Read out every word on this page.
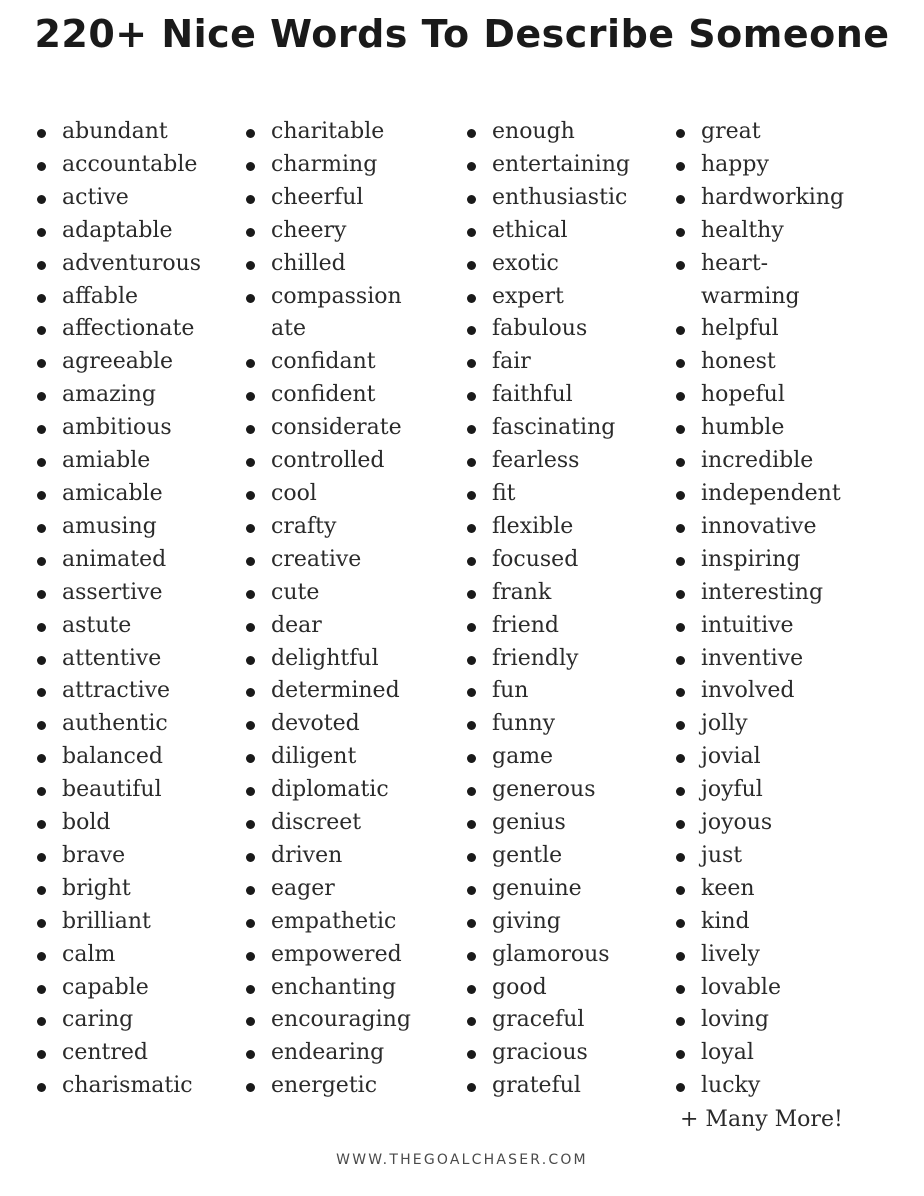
220+ Nice Words To Describe Someone
abundant
accountable
active
adaptable
adventurous
affable
affectionate
agreeable
amazing
ambitious
amiable
amicable
amusing
animated
assertive
astute
attentive
attractive
authentic
balanced
beautiful
bold
brave
bright
brilliant
calm
capable
caring
centred
charismatic
charitable
charming
cheerful
cheery
chilled
compassion
ate
confidant
confident
considerate
controlled
cool
crafty
creative
cute
dear
delightful
determined
devoted
diligent
diplomatic
discreet
driven
eager
empathetic
empowered
enchanting
encouraging
endearing
energetic
enough
entertaining
enthusiastic
ethical
exotic
expert
fabulous
fair
faithful
fascinating
fearless
fit
flexible
focused
frank
friend
friendly
fun
funny
game
generous
genius
gentle
genuine
giving
glamorous
good
graceful
gracious
grateful
great
happy
hardworking
healthy
heart-
warming
helpful
honest
hopeful
humble
incredible
independent
innovative
inspiring
interesting
intuitive
inventive
involved
jolly
jovial
joyful
joyous
just
keen
kind
lively
lovable
loving
loyal
lucky
+ Many More!
WWW.THEGOALCHASER.COM
